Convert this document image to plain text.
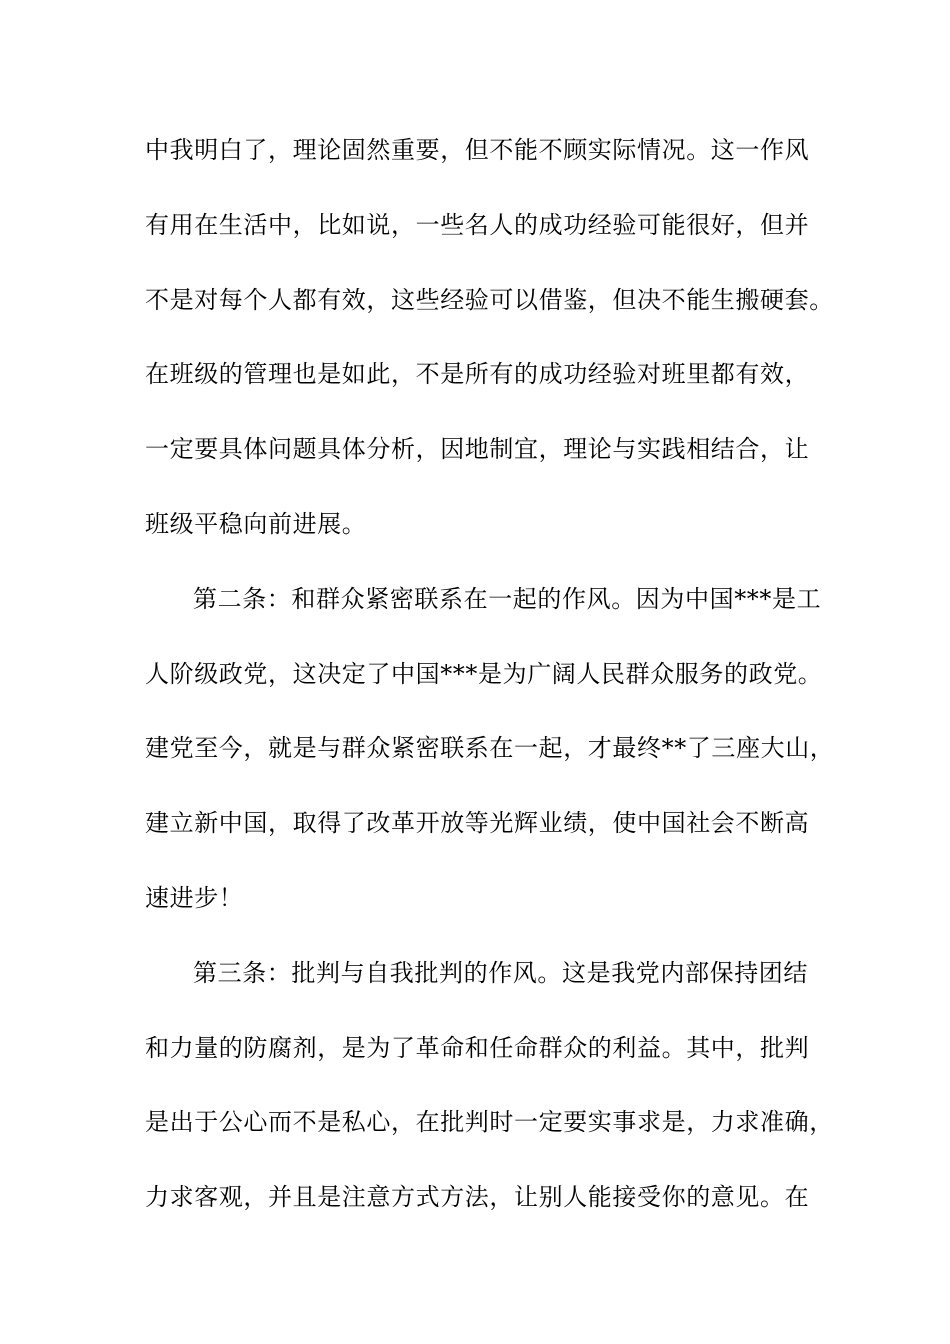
中我明白了，理论固然重要，但不能不顾实际情况。这一作风
有用在生活中，比如说，一些名人的成功经验可能很好，但并
不是对每个人都有效，这些经验可以借鉴，但决不能生搬硬套。
在班级的管理也是如此，不是所有的成功经验对班里都有效，
一定要具体问题具体分析，因地制宜，理论与实践相结合，让
班级平稳向前进展。
第二条：和群众紧密联系在一起的作风。因为中国***是工
人阶级政党，这决定了中国***是为广阔人民群众服务的政党。
建党至今，就是与群众紧密联系在一起，才最终**了三座大山，
建立新中国，取得了改革开放等光辉业绩，使中国社会不断高
速进步！
第三条：批判与自我批判的作风。这是我党内部保持团结
和力量的防腐剂，是为了革命和任命群众的利益。其中，批判
是出于公心而不是私心，在批判时一定要实事求是，力求准确，
力求客观，并且是注意方式方法，让别人能接受你的意见。在
